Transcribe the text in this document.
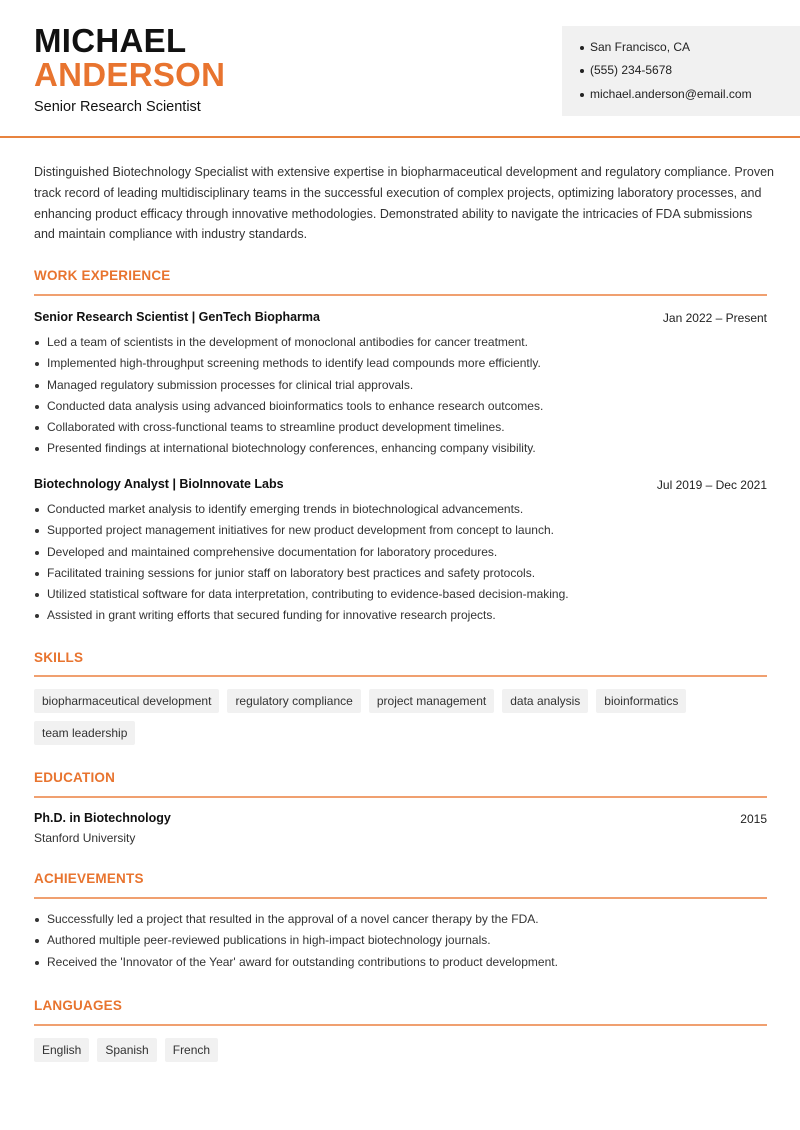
MICHAEL
ANDERSON
Senior Research Scientist
San Francisco, CA
(555) 234-5678
michael.anderson@email.com

Distinguished Biotechnology Specialist with extensive expertise in biopharmaceutical development and regulatory compliance. Proven track record of leading multidisciplinary teams in the successful execution of complex projects, optimizing laboratory processes, and enhancing product efficacy through innovative methodologies. Demonstrated ability to navigate the intricacies of FDA submissions and maintain compliance with industry standards.

WORK EXPERIENCE
Senior Research Scientist | GenTech Biopharma	Jan 2022 – Present
Led a team of scientists in the development of monoclonal antibodies for cancer treatment.
Implemented high-throughput screening methods to identify lead compounds more efficiently.
Managed regulatory submission processes for clinical trial approvals.
Conducted data analysis using advanced bioinformatics tools to enhance research outcomes.
Collaborated with cross-functional teams to streamline product development timelines.
Presented findings at international biotechnology conferences, enhancing company visibility.
Biotechnology Analyst | BioInnovate Labs	Jul 2019 – Dec 2021
Conducted market analysis to identify emerging trends in biotechnological advancements.
Supported project management initiatives for new product development from concept to launch.
Developed and maintained comprehensive documentation for laboratory procedures.
Facilitated training sessions for junior staff on laboratory best practices and safety protocols.
Utilized statistical software for data interpretation, contributing to evidence-based decision-making.
Assisted in grant writing efforts that secured funding for innovative research projects.
SKILLS
biopharmaceutical development	regulatory compliance	project management	data analysis	bioinformatics
team leadership
EDUCATION
Ph.D. in Biotechnology
Stanford University
2015
ACHIEVEMENTS
Successfully led a project that resulted in the approval of a novel cancer therapy by the FDA.
Authored multiple peer-reviewed publications in high-impact biotechnology journals.
Received the 'Innovator of the Year' award for outstanding contributions to product development.
LANGUAGES
English	Spanish	French
